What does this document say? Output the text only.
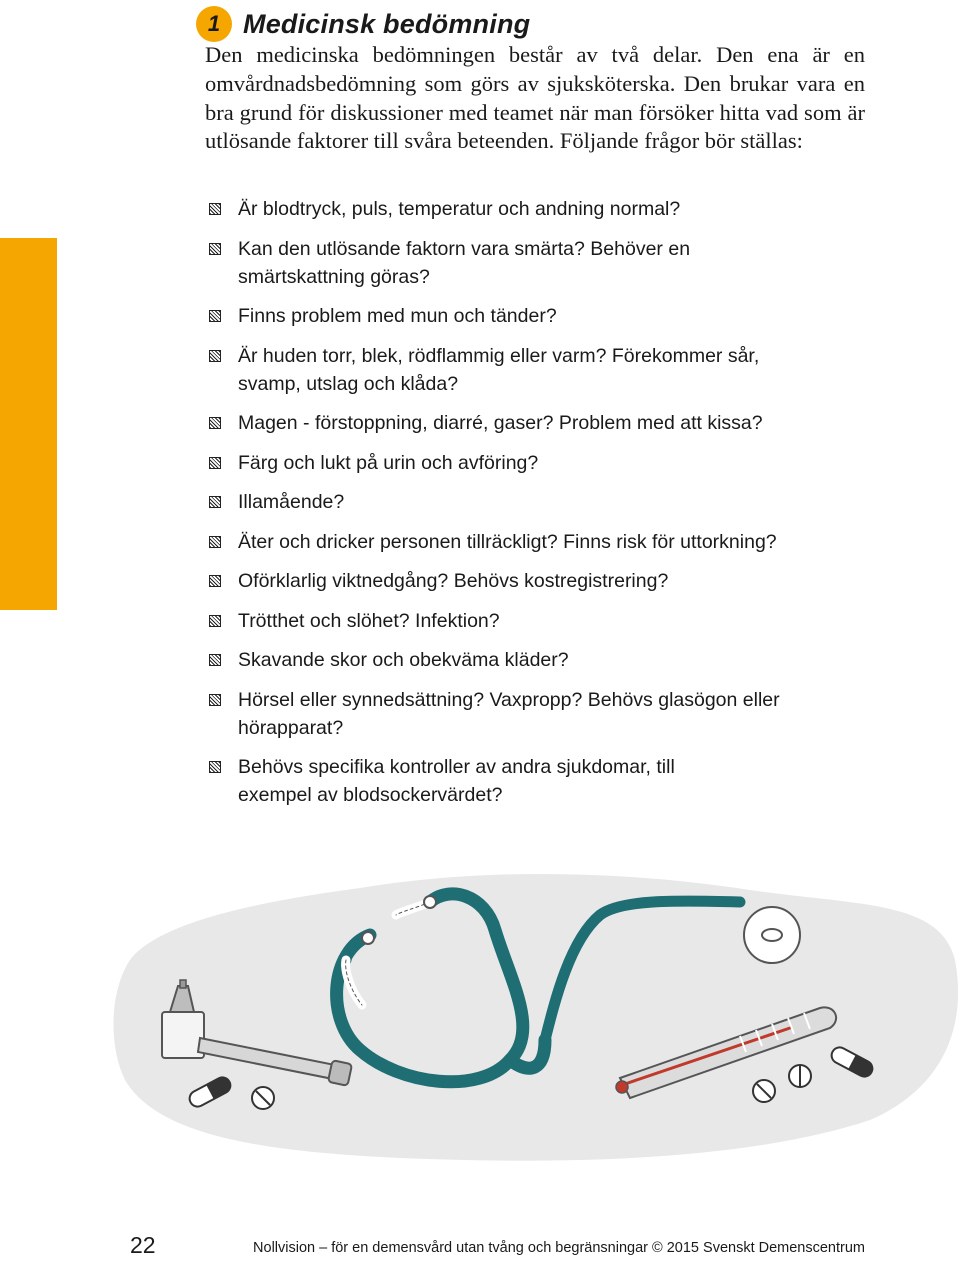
1 Medicinsk bedömning

Den medicinska bedömningen består av två delar. Den ena är en omvårdnadsbedömning som görs av sjuksköterska. Den brukar vara en bra grund för diskussioner med teamet när man försöker hitta vad som är utlösande faktorer till svåra beteenden. Följande frågor bör ställas:

Är blodtryck, puls, temperatur och andning normal?
Kan den utlösande faktorn vara smärta? Behöver en smärtskattning göras?
Finns problem med mun och tänder?
Är huden torr, blek, rödflammig eller varm? Förekommer sår, svamp, utslag och klåda?
Magen - förstoppning, diarré, gaser? Problem med att kissa?
Färg och lukt på urin och avföring?
Illamående?
Äter och dricker personen tillräckligt? Finns risk för uttorkning?
Oförklarlig viktnedgång? Behövs kostregistrering?
Trötthet och slöhet? Infektion?
Skavande skor och obekväma kläder?
Hörsel eller synnedsättning? Vaxpropp? Behövs glasögon eller hörapparat?
Behövs specifika kontroller av andra sjukdomar, till exempel av blodsockervärdet?
22	Nollvision – för en demensvård utan tvång och begränsningar © 2015 Svenskt Demenscentrum
